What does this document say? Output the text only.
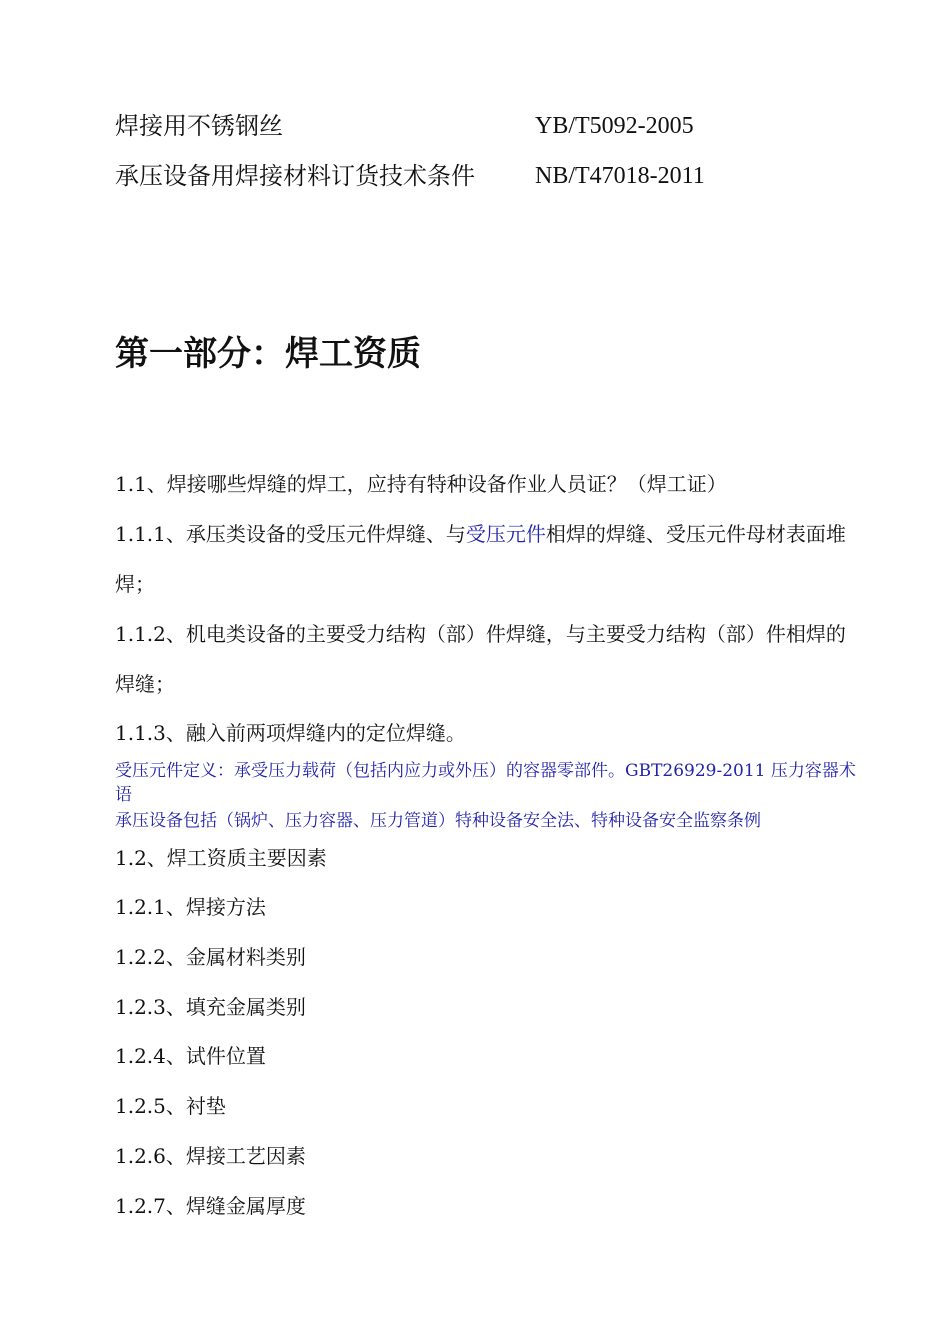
焊接用不锈钢丝	YB/T5092-2005
承压设备用焊接材料订货技术条件	NB/T47018-2011
第一部分：焊工资质
1.1、焊接哪些焊缝的焊工，应持有特种设备作业人员证？（焊工证）
1.1.1、承压类设备的受压元件焊缝、与受压元件相焊的焊缝、受压元件母材表面堆焊；
1.1.2、机电类设备的主要受力结构（部）件焊缝，与主要受力结构（部）件相焊的焊缝；
1.1.3、融入前两项焊缝内的定位焊缝。
受压元件定义：承受压力载荷（包括内应力或外压）的容器零部件。GBT26929-2011 压力容器术语
承压设备包括（锅炉、压力容器、压力管道）特种设备安全法、特种设备安全监察条例
1.2、焊工资质主要因素
1.2.1、焊接方法
1.2.2、金属材料类别
1.2.3、填充金属类别
1.2.4、试件位置
1.2.5、衬垫
1.2.6、焊接工艺因素
1.2.7、焊缝金属厚度
